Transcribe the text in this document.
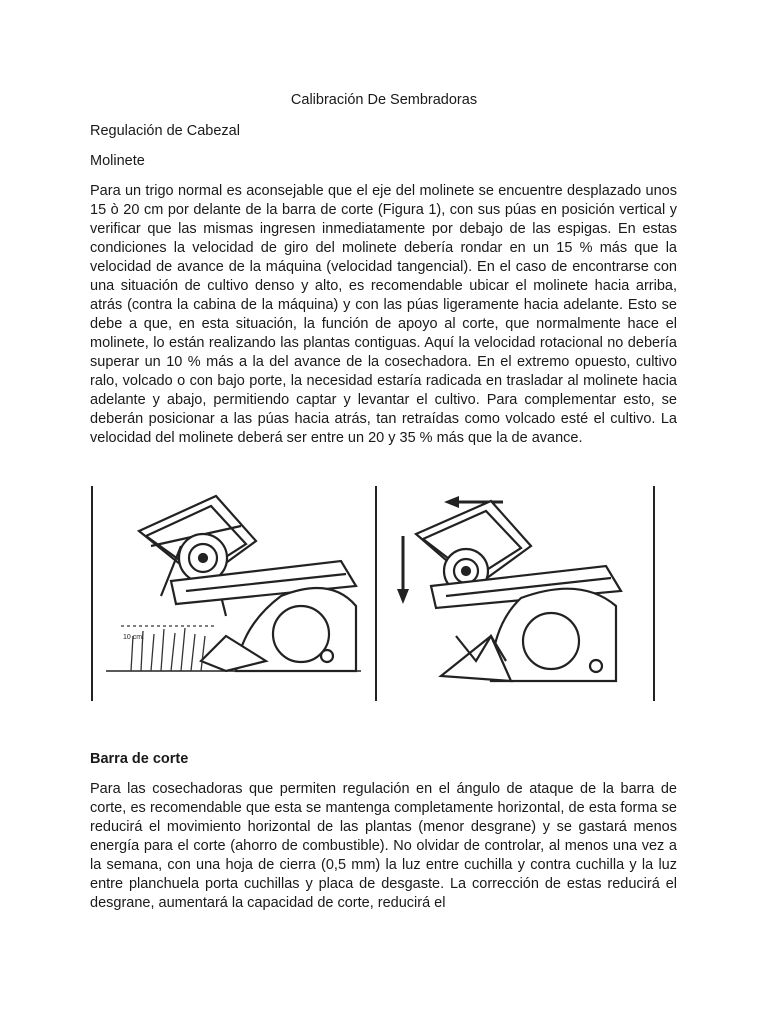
Calibración De Sembradoras
Regulación de Cabezal
Molinete

Para un trigo normal es aconsejable que el eje del molinete se encuentre desplazado unos 15 ò 20 cm por delante de la barra de corte (Figura 1), con sus púas en posición vertical y verificar que las mismas ingresen inmediatamente por debajo de las espigas. En estas condiciones la velocidad de giro del molinete debería rondar en un 15 % más que la velocidad de avance de la máquina (velocidad tangencial). En el caso de encontrarse con una situación de cultivo denso y alto, es recomendable ubicar el molinete hacia arriba, atrás (contra la cabina de la máquina) y con las púas ligeramente hacia adelante. Esto se debe a que, en esta situación, la función de apoyo al corte, que normalmente hace el molinete, lo están realizando las plantas contiguas. Aquí la velocidad rotacional no debería superar un 10 % más a la del avance de la cosechadora. En el extremo opuesto, cultivo ralo, volcado o con bajo porte, la necesidad estaría radicada en trasladar al molinete hacia adelante y abajo, permitiendo captar y levantar el cultivo. Para complementar esto, se deberán posicionar a las púas hacia atrás, tan retraídas como volcado esté el cultivo. La velocidad del molinete deberá ser entre un 20 y 35 % más que la de avance.

10 cm.
Barra de corte

Para las cosechadoras que permiten regulación en el ángulo de ataque de la barra de corte, es recomendable que esta se mantenga completamente horizontal, de esta forma se reducirá el movimiento horizontal de las plantas (menor desgrane) y se gastará menos energía para el corte (ahorro de combustible). No olvidar de controlar, al menos una vez a la semana, con una hoja de cierra (0,5 mm) la luz entre cuchilla y contra cuchilla y la luz entre planchuela porta cuchillas y placa de desgaste. La corrección de estas reducirá el desgrane, aumentará la capacidad de corte, reducirá el
